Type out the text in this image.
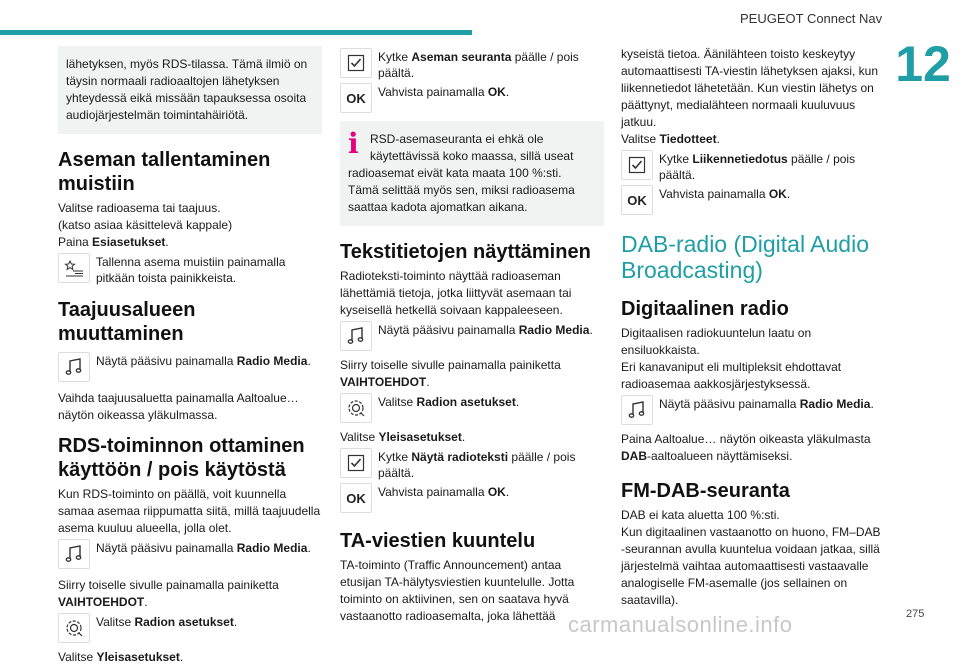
PEUGEOT Connect Nav
12

lähetyksen, myös RDS-tilassa. Tämä ilmiö on täysin normaali radioaaltojen lähetyksen yhteydessä eikä missään tapauksessa osoita audiojärjestelmän toimintahäiriötä.

Aseman tallentaminen muistiin

Valitse radioasema tai taajuus.

(katso asiaa käsittelevä kappale)

Paina Esiasetukset.

Tallenna asema muistiin painamalla pitkään toista painikkeista.
Taajuusalueen muuttaminen
Näytä pääsivu painamalla Radio Media.

Vaihda taajuusaluetta painamalla Aaltoalue… näytön oikeassa yläkulmassa.

RDS-toiminnon ottaminen käyttöön / pois käytöstä

Kun RDS-toiminto on päällä, voit kuunnella samaa asemaa riippumatta siitä, millä taajuudella asema kuuluu alueella, jolla olet.

Näytä pääsivu painamalla Radio Media.

Siirry toiselle sivulle painamalla painiketta VAIHTOEHDOT.

Valitse Radion asetukset.

Valitse Yleisasetukset.

Kytke Aseman seuranta päälle / pois päältä.
OK	Vahvista painamalla OK.
i RSD-asemaseuranta ei ehkä ole käytettävissä koko maassa, sillä useat radioasemat eivät kata maata 100 %:sti. Tämä selittää myös sen, miksi radioasema saattaa kadota ajomatkan aikana.

Tekstitietojen näyttäminen

Radioteksti-toiminto näyttää radioaseman lähettämiä tietoja, jotka liittyvät asemaan tai kyseisellä hetkellä soivaan kappaleeseen.

Näytä pääsivu painamalla Radio Media.

Siirry toiselle sivulle painamalla painiketta VAIHTOEHDOT.

Valitse Radion asetukset.

Valitse Yleisasetukset.

Kytke Näytä radioteksti päälle / pois päältä.
OK	Vahvista painamalla OK.
TA-viestien kuuntelu

TA-toiminto (Traffic Announcement) antaa etusijan TA-hälytysviestien kuuntelulle. Jotta toiminto on aktiivinen, sen on saatava hyvä vastaanotto radioasemalta, joka lähettää

kyseistä tietoa. Äänilähteen toisto keskeytyy automaattisesti TA-viestin lähetyksen ajaksi, kun liikennetiedot lähetetään. Kun viestin lähetys on päättynyt, medialähteen normaali kuuluvuus jatkuu.

Valitse Tiedotteet.

Kytke Liikennetiedotus päälle / pois päältä.
OK	Vahvista painamalla OK.
DAB-radio (Digital Audio Broadcasting)
Digitaalinen radio

Digitaalisen radiokuuntelun laatu on ensiluokkaista.

Eri kanavaniput eli multipleksit ehdottavat radioasemaa aakkosjärjestyksessä.

Näytä pääsivu painamalla Radio Media.

Paina Aaltoalue… näytön oikeasta yläkulmasta DAB-aaltoalueen näyttämiseksi.

FM-DAB-seuranta

DAB ei kata aluetta 100 %:sti.

Kun digitaalinen vastaanotto on huono, FM–DAB -seurannan avulla kuuntelua voidaan jatkaa, sillä järjestelmä vaihtaa automaattisesti vastaavalle analogiselle FM-asemalle (jos sellainen on saatavilla).

carmanualsonline.info	275
